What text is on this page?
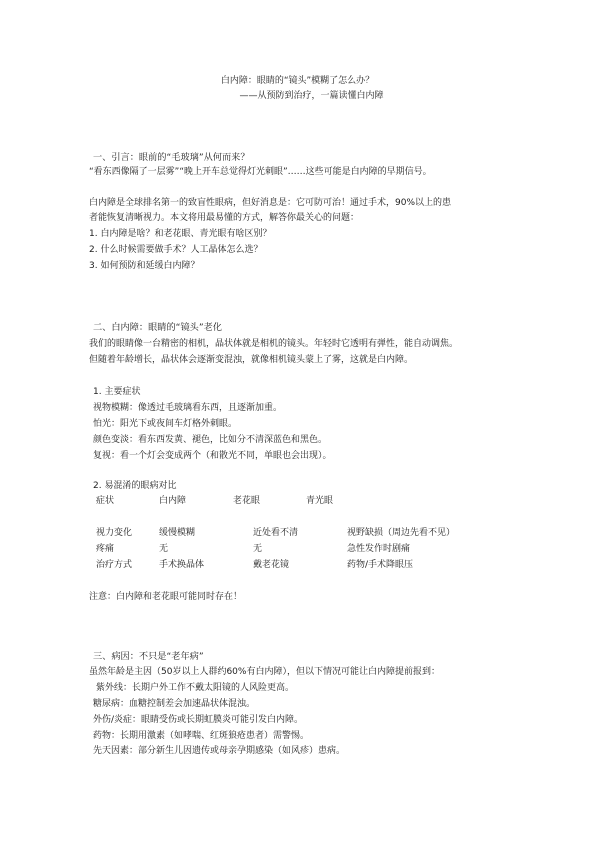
白内障：眼睛的“镜头”模糊了怎么办？

——从预防到治疗，一篇读懂白内障

一、引言：眼前的“毛玻璃”从何而来？

“看东西像隔了一层雾”“晚上开车总觉得灯光刺眼”……这些可能是白内障的早期信号。

白内障是全球排名第一的致盲性眼病，但好消息是：它可防可治！通过手术，90%以上的患

者能恢复清晰视力。本文将用最易懂的方式，解答你最关心的问题：

1. 白内障是啥？和老花眼、青光眼有啥区别？

2. 什么时候需要做手术？人工晶体怎么选？

3. 如何预防和延缓白内障？

二、白内障：眼睛的“镜头”老化

我们的眼睛像一台精密的相机，晶状体就是相机的镜头。年轻时它透明有弹性，能自动调焦。

但随着年龄增长，晶状体会逐渐变混浊，就像相机镜头蒙上了雾，这就是白内障。

1. 主要症状

视物模糊：像透过毛玻璃看东西，且逐渐加重。

怕光：阳光下或夜间车灯格外刺眼。

颜色变淡：看东西发黄、褪色，比如分不清深蓝色和黑色。

复视：看一个灯会变成两个（和散光不同，单眼也会出现）。

2. 易混淆的眼病对比

症状	白内障	老花眼	青光眼
视力变化	缓慢模糊	近处看不清	视野缺损（周边先看不见）
疼痛	无	无	急性发作时剧痛
治疗方式	手术换晶体	戴老花镜	药物/手术降眼压

注意：白内障和老花眼可能同时存在！

三、病因：不只是“老年病”

虽然年龄是主因（50岁以上人群约60%有白内障），但以下情况可能让白内障提前报到：

紫外线：长期户外工作不戴太阳镜的人风险更高。

糖尿病：血糖控制差会加速晶状体混浊。

外伤/炎症：眼睛受伤或长期虹膜炎可能引发白内障。

药物：长期用激素（如哮喘、红斑狼疮患者）需警惕。

先天因素：部分新生儿因遗传或母亲孕期感染（如风疹）患病。
